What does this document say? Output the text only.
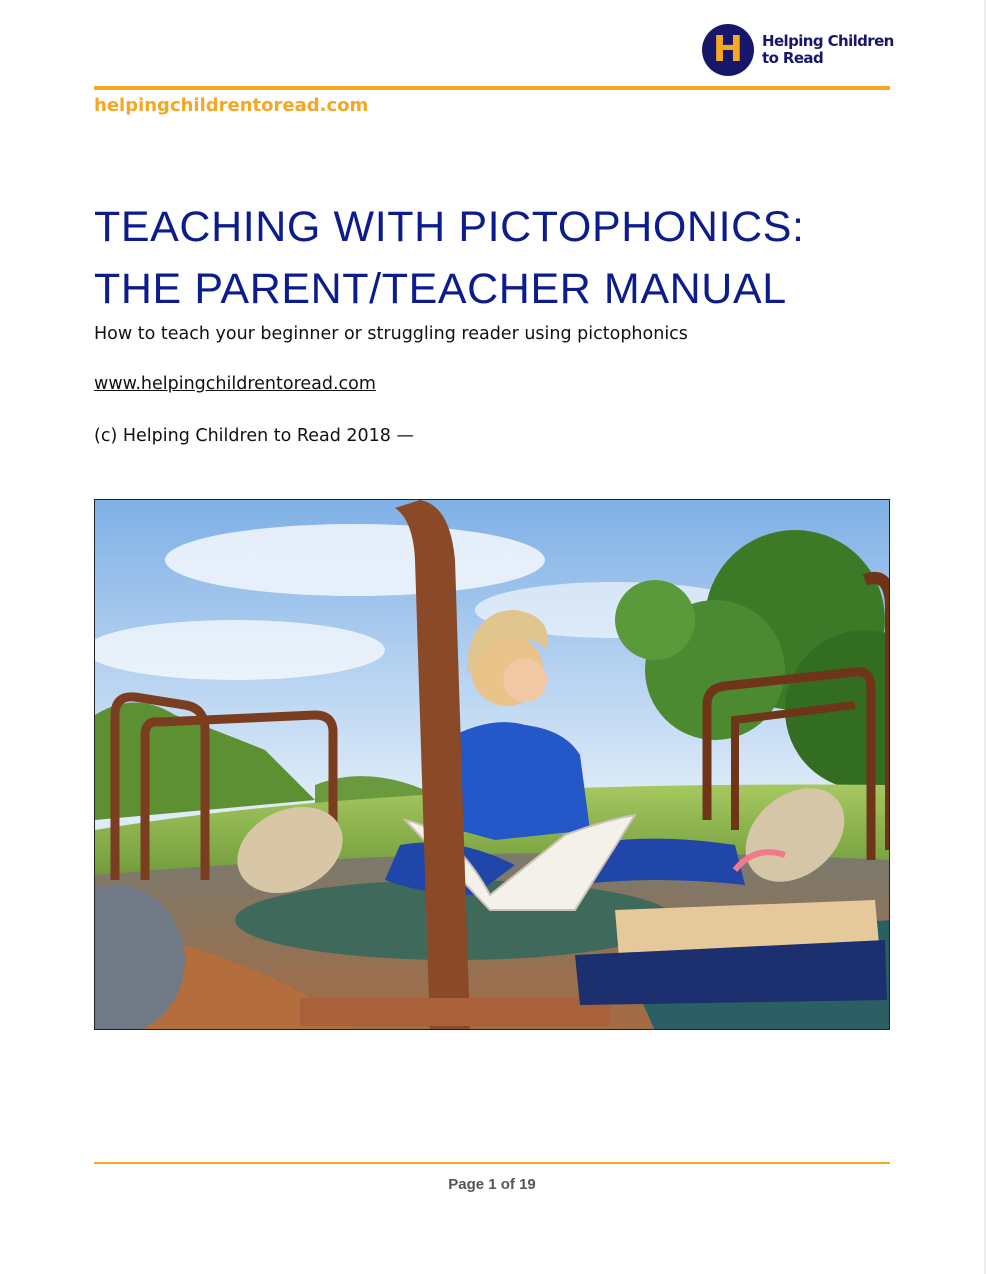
H Helping Children
to Read
helpingchildrentoread.com
TEACHING WITH PICTOPHONICS:
THE PARENT/TEACHER MANUAL
How to teach your beginner or struggling reader using pictophonics
www.helpingchildrentoread.com
(c) Helping Children to Read 2018 —
Page 1 of 19
